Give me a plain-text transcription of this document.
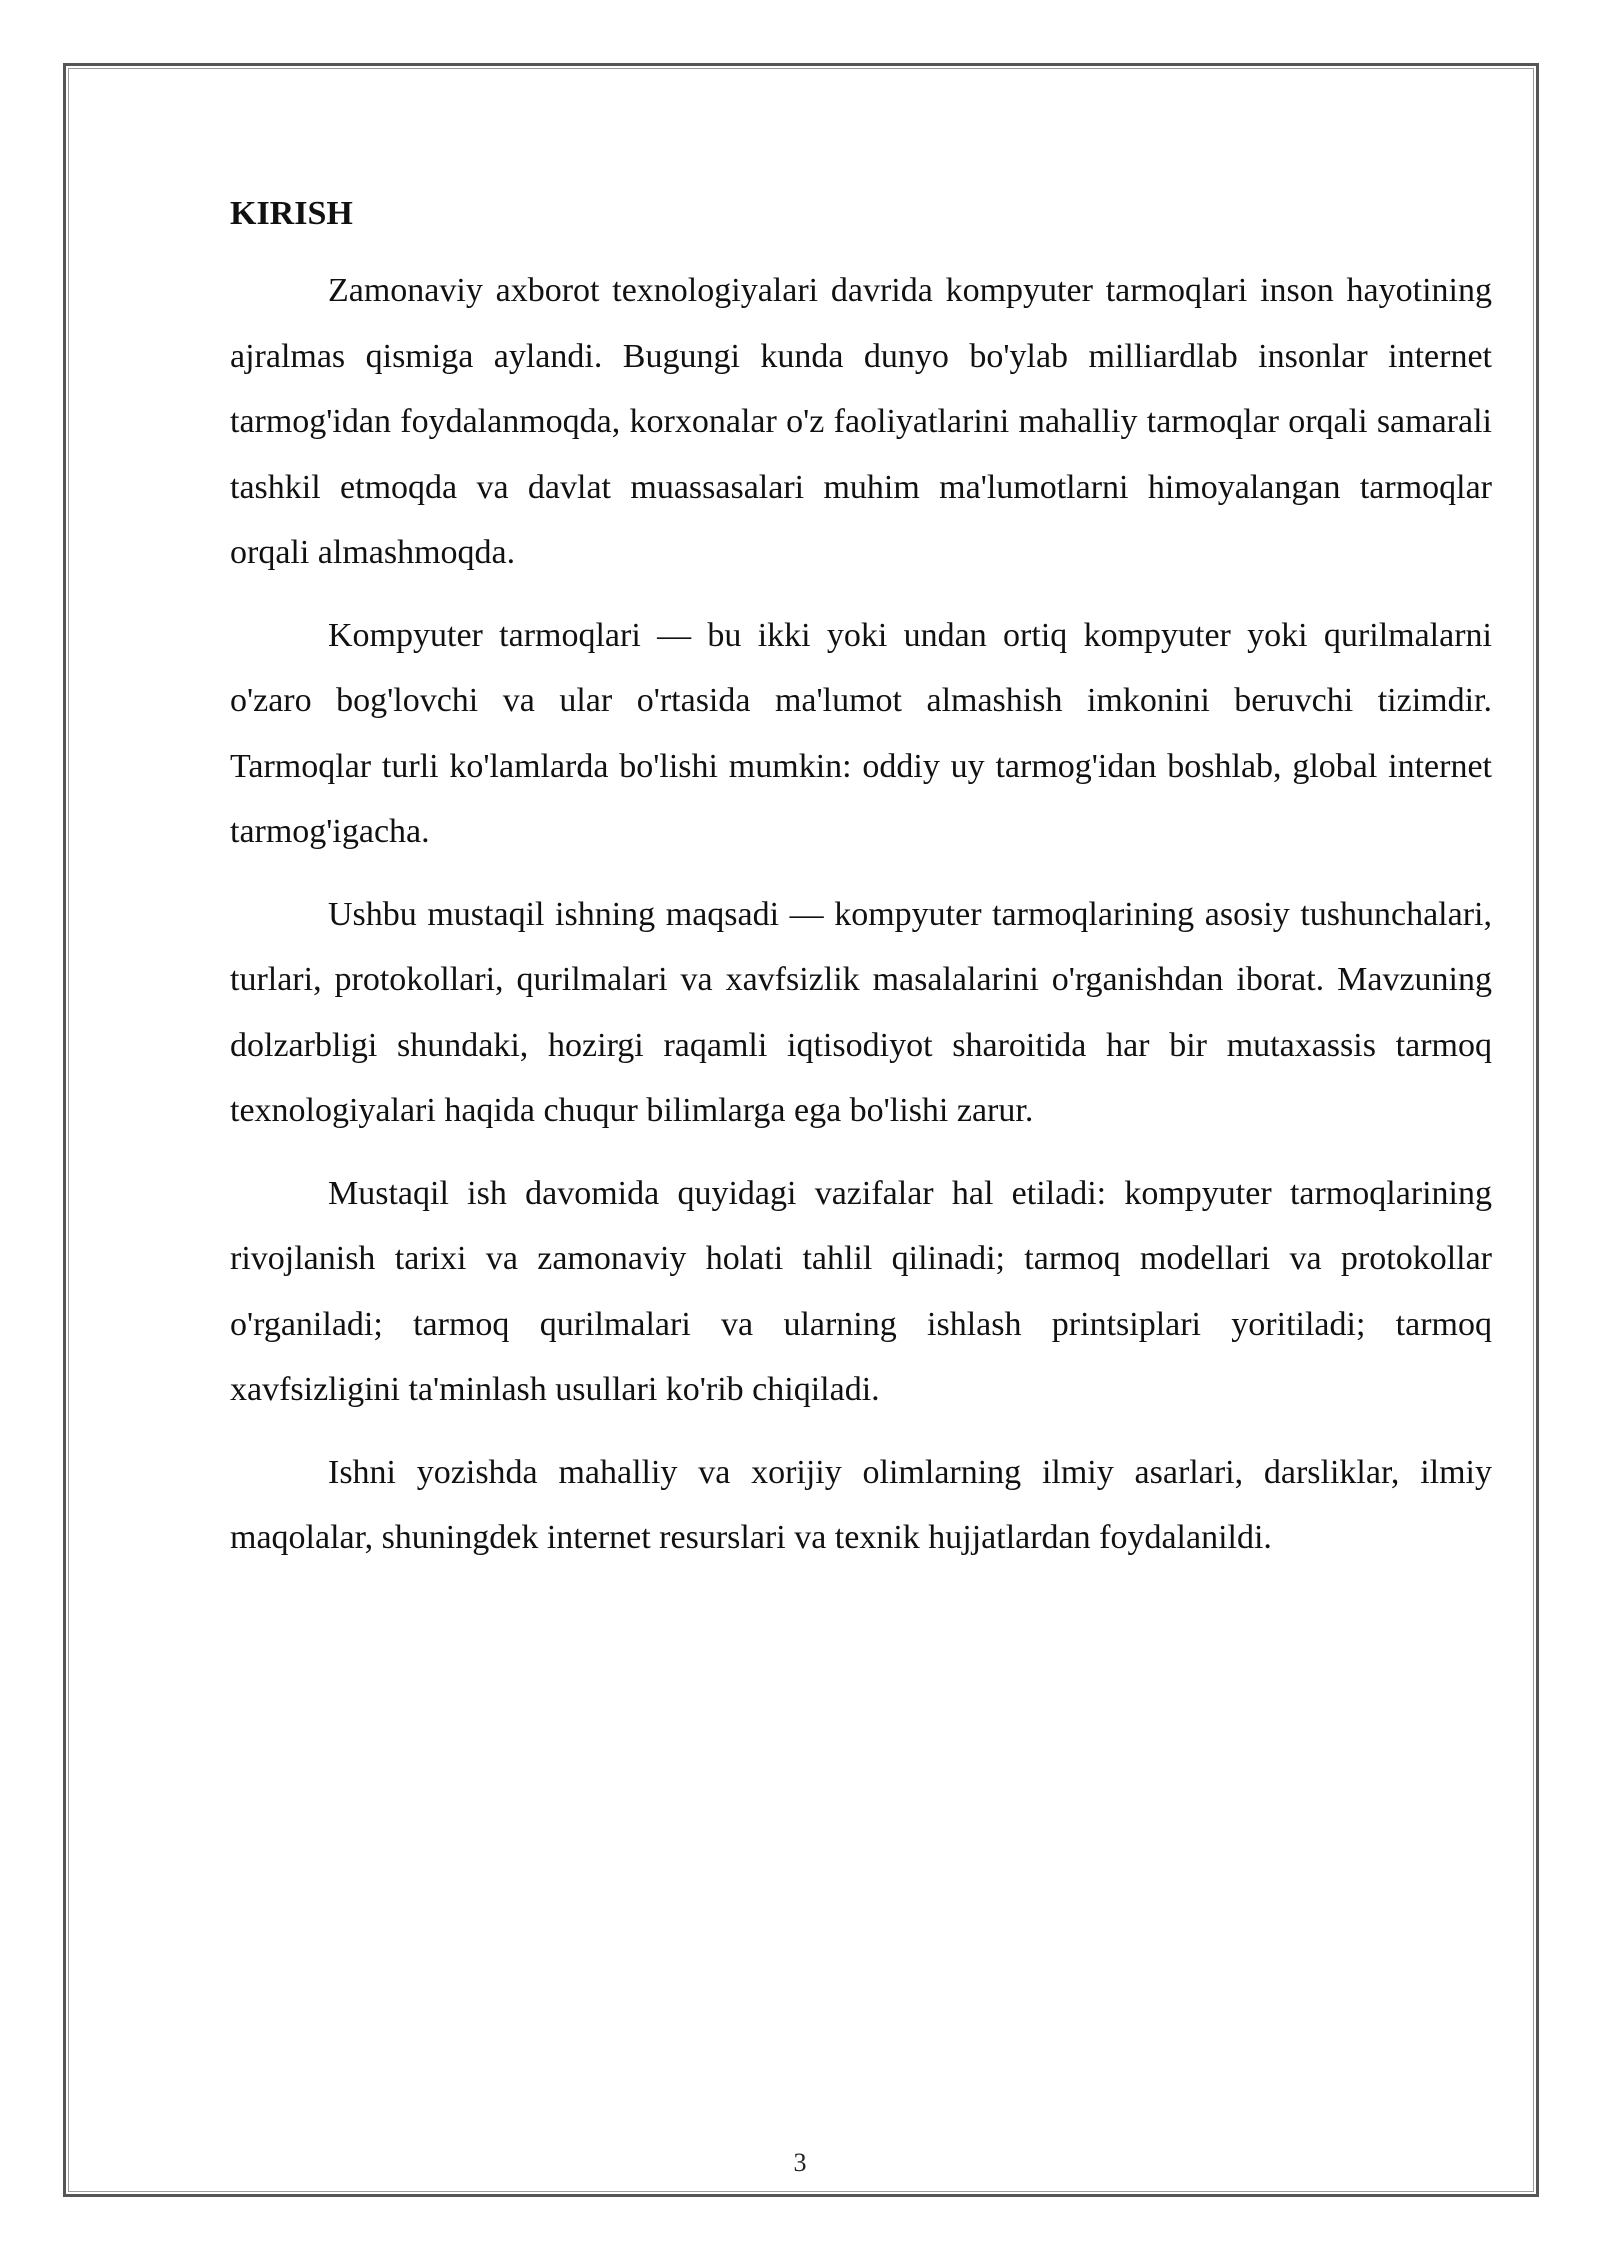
KIRISH

Zamonaviy axborot texnologiyalari davrida kompyuter tarmoqlari inson hayotining ajralmas qismiga aylandi. Bugungi kunda dunyo bo'ylab milliardlab insonlar internet tarmog'idan foydalanmoqda, korxonalar o'z faoliyatlarini mahalliy tarmoqlar orqali samarali tashkil etmoqda va davlat muassasalari muhim ma'lumotlarni himoyalangan tarmoqlar orqali almashmoqda.

Kompyuter tarmoqlari — bu ikki yoki undan ortiq kompyuter yoki qurilmalarni o'zaro bog'lovchi va ular o'rtasida ma'lumot almashish imkonini beruvchi tizimdir. Tarmoqlar turli ko'lamlarda bo'lishi mumkin: oddiy uy tarmog'idan boshlab, global internet tarmog'igacha.

Ushbu mustaqil ishning maqsadi — kompyuter tarmoqlarining asosiy tushunchalari, turlari, protokollari, qurilmalari va xavfsizlik masalalarini o'rganishdan iborat. Mavzuning dolzarbligi shundaki, hozirgi raqamli iqtisodiyot sharoitida har bir mutaxassis tarmoq texnologiyalari haqida chuqur bilimlarga ega bo'lishi zarur.

Mustaqil ish davomida quyidagi vazifalar hal etiladi: kompyuter tarmoqlarining rivojlanish tarixi va zamonaviy holati tahlil qilinadi; tarmoq modellari va protokollar o'rganiladi; tarmoq qurilmalari va ularning ishlash printsiplari yoritiladi; tarmoq xavfsizligini ta'minlash usullari ko'rib chiqiladi.

Ishni yozishda mahalliy va xorijiy olimlarning ilmiy asarlari, darsliklar, ilmiy maqolalar, shuningdek internet resurslari va texnik hujjatlardan foydalanildi.

3
